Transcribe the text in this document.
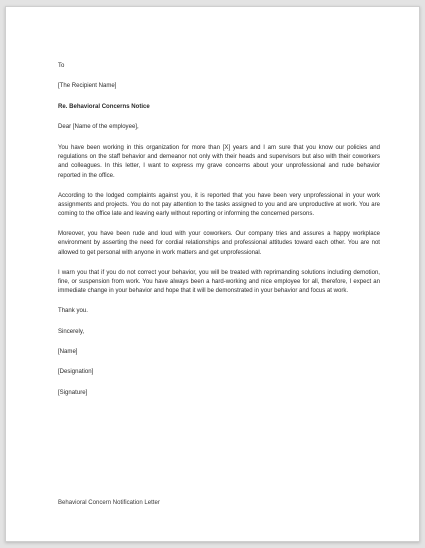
To
[The Recipient Name]
Re. Behavioral Concerns Notice
Dear [Name of the employee],

You have been working in this organization for more than [X] years and I am sure that you know our policies and regulations on the staff behavior and demeanor not only with their heads and supervisors but also with their coworkers and colleagues. In this letter, I want to express my grave concerns about your unprofessional and rude behavior reported in the office.

According to the lodged complaints against you, it is reported that you have been very unprofessional in your work assignments and projects. You do not pay attention to the tasks assigned to you and are unproductive at work. You are coming to the office late and leaving early without reporting or informing the concerned persons.

Moreover, you have been rude and loud with your coworkers. Our company tries and assures a happy workplace environment by asserting the need for cordial relationships and professional attitudes toward each other. You are not allowed to get personal with anyone in work matters and get unprofessional.

I warn you that if you do not correct your behavior, you will be treated with reprimanding solutions including demotion, fine, or suspension from work. You have always been a hard-working and nice employee for all, therefore, I expect an immediate change in your behavior and hope that it will be demonstrated in your behavior and focus at work.

Thank you.
Sincerely,
[Name]
[Designation]
[Signature]
Behavioral Concern Notification Letter
